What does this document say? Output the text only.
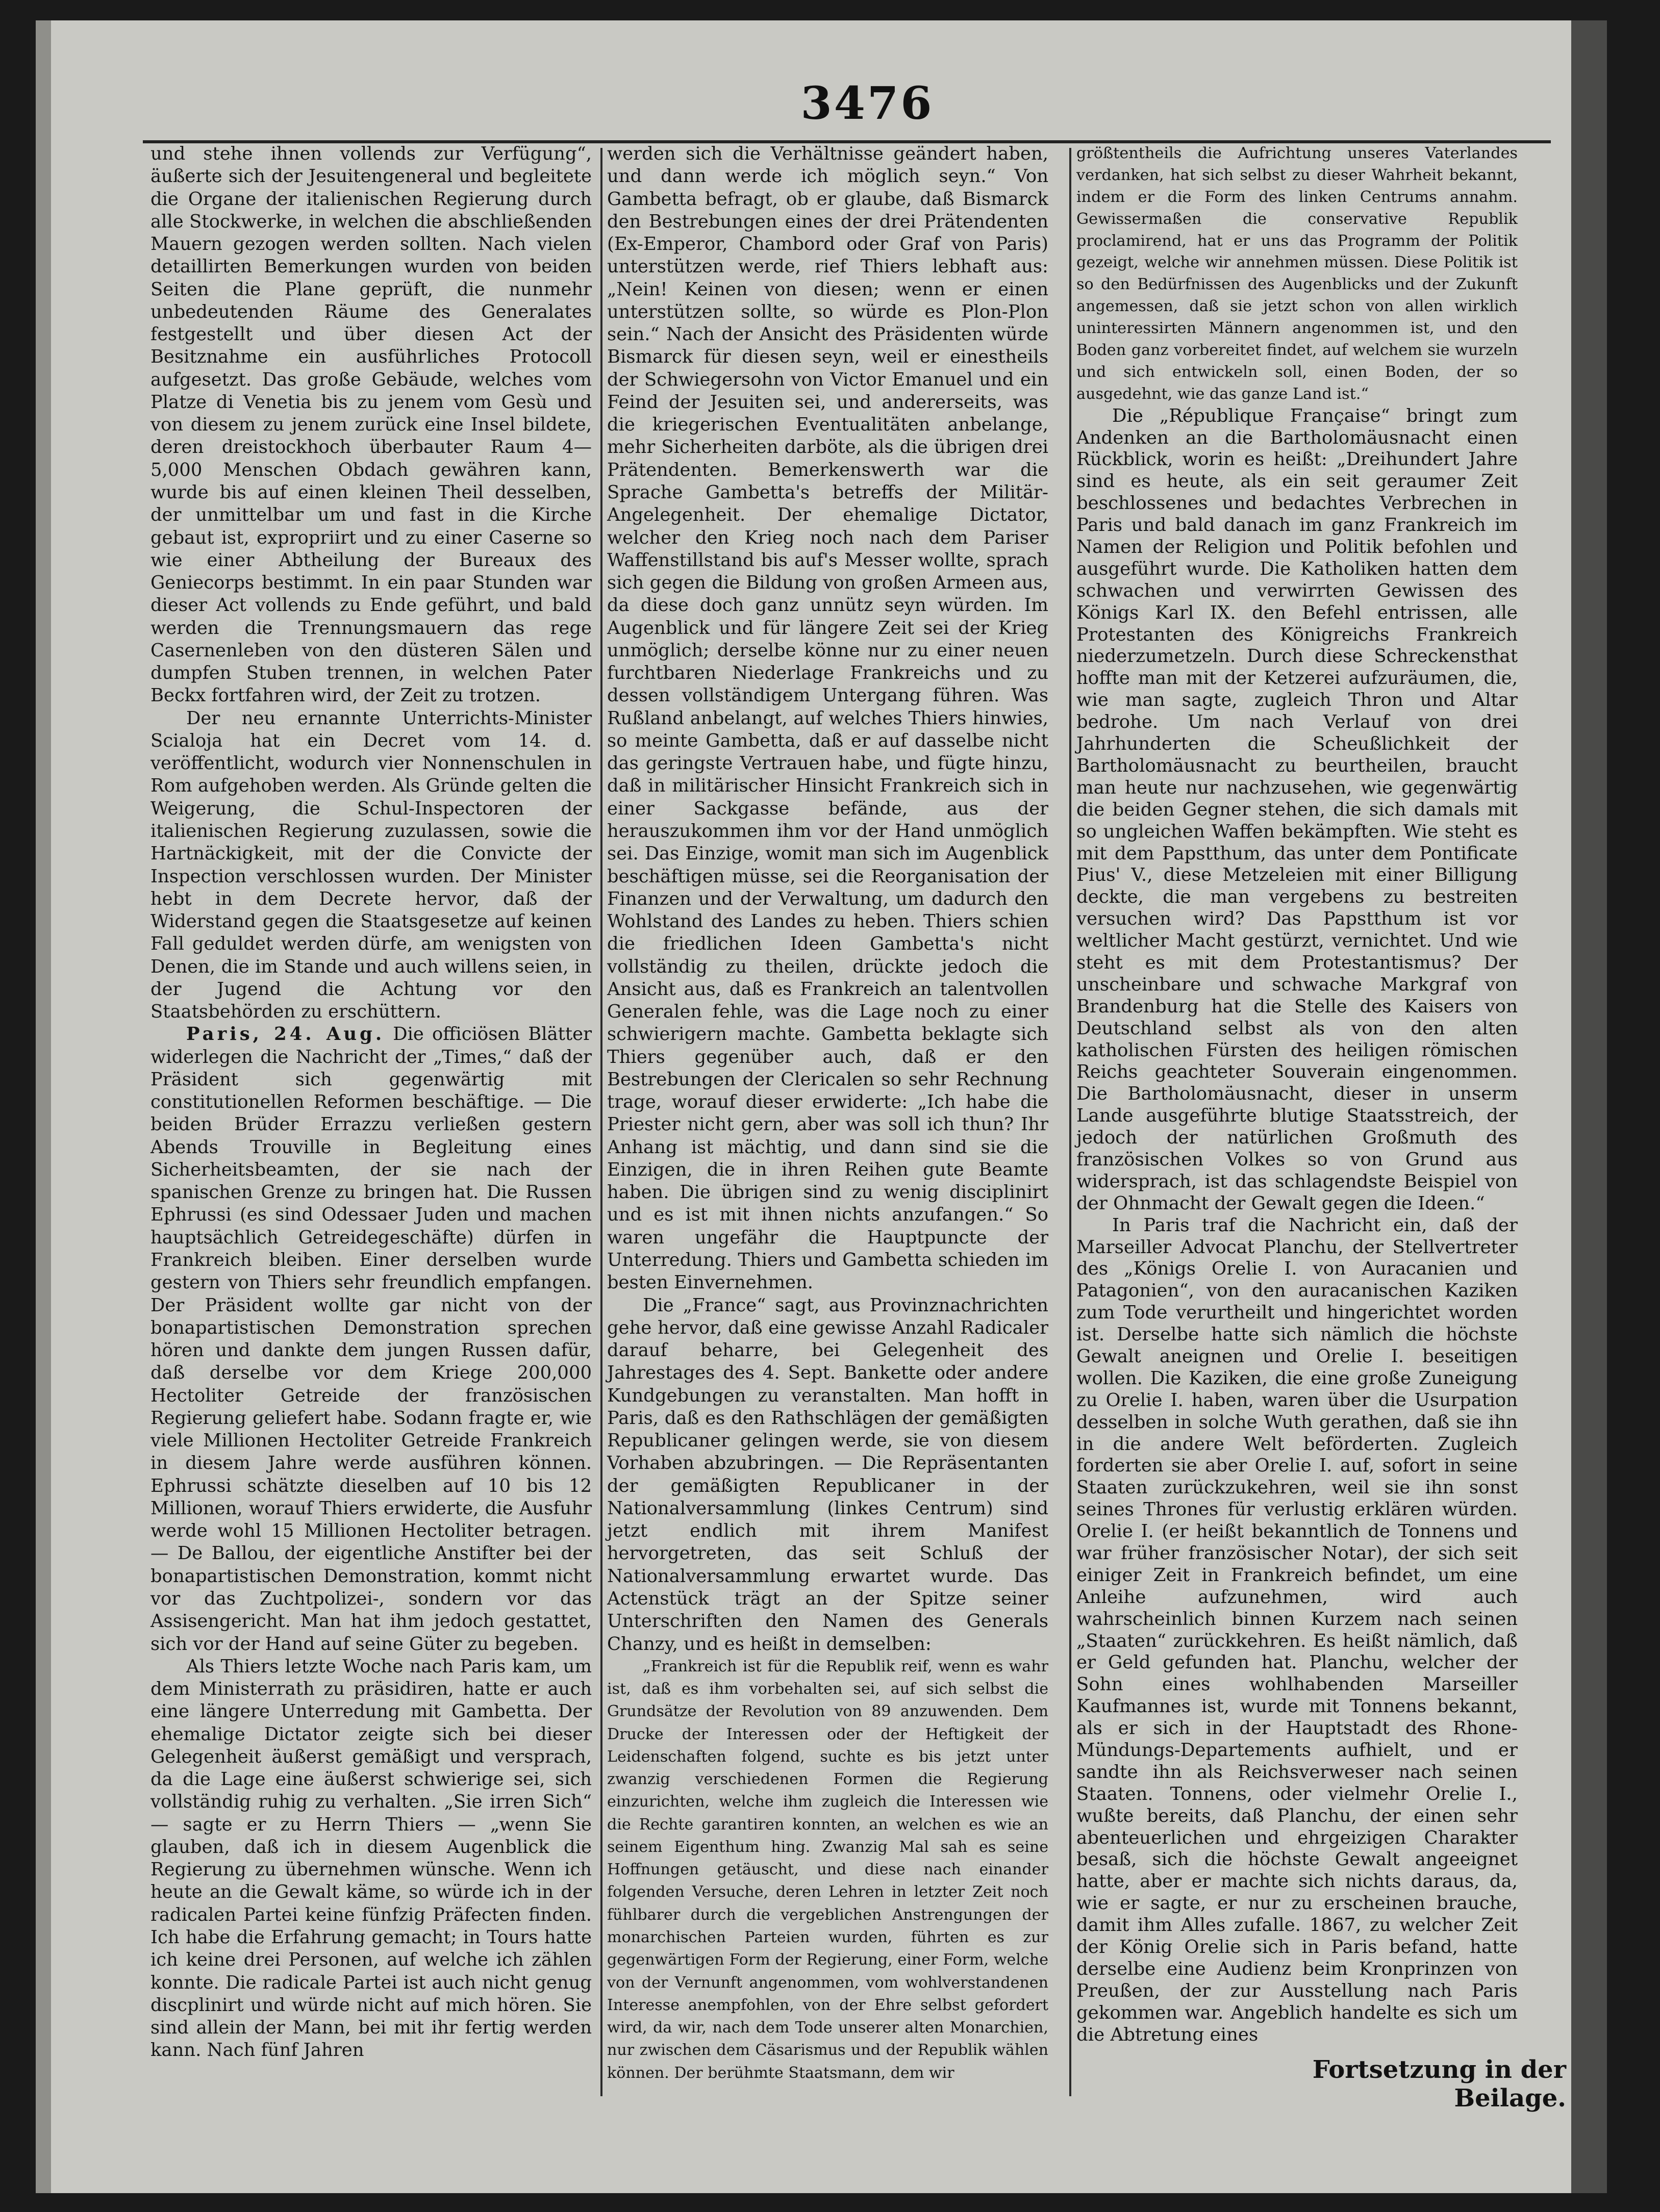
3476

und stehe ihnen vollends zur Verfügung“, äußerte sich der Jesuitengeneral und begleitete die Organe der italienischen Regierung durch alle Stockwerke, in welchen die abschließenden Mauern gezogen werden sollten. Nach vielen detaillirten Bemerkungen wurden von beiden Seiten die Plane geprüft, die nunmehr unbedeutenden Räume des Generalates festgestellt und über diesen Act der Besitznahme ein ausführliches Protocoll aufgesetzt. Das große Gebäude, welches vom Platze di Venetia bis zu jenem vom Gesù und von diesem zu jenem zurück eine Insel bildete, deren dreistockhoch überbauter Raum 4—5,000 Menschen Obdach gewähren kann, wurde bis auf einen kleinen Theil desselben, der unmittelbar um und fast in die Kirche gebaut ist, expropriirt und zu einer Caserne so wie einer Abtheilung der Bureaux des Geniecorps bestimmt. In ein paar Stunden war dieser Act vollends zu Ende geführt, und bald werden die Trennungsmauern das rege Casernenleben von den düsteren Sälen und dumpfen Stuben trennen, in welchen Pater Beckx fortfahren wird, der Zeit zu trotzen.

Der neu ernannte Unterrichts-Minister Scialoja hat ein Decret vom 14. d. veröffentlicht, wodurch vier Nonnenschulen in Rom aufgehoben werden. Als Gründe gelten die Weigerung, die Schul-Inspectoren der italienischen Regierung zuzulassen, sowie die Hartnäckigkeit, mit der die Convicte der Inspection verschlossen wurden. Der Minister hebt in dem Decrete hervor, daß der Widerstand gegen die Staatsgesetze auf keinen Fall geduldet werden dürfe, am wenigsten von Denen, die im Stande und auch willens seien, in der Jugend die Achtung vor den Staatsbehörden zu erschüttern.

Paris, 24. Aug. Die officiösen Blätter widerlegen die Nachricht der „Times,“ daß der Präsident sich gegenwärtig mit constitutionellen Reformen beschäftige. — Die beiden Brüder Errazzu verließen gestern Abends Trouville in Begleitung eines Sicherheitsbeamten, der sie nach der spanischen Grenze zu bringen hat. Die Russen Ephrussi (es sind Odessaer Juden und machen hauptsächlich Getreidegeschäfte) dürfen in Frankreich bleiben. Einer derselben wurde gestern von Thiers sehr freundlich empfangen. Der Präsident wollte gar nicht von der bonapartistischen Demonstration sprechen hören und dankte dem jungen Russen dafür, daß derselbe vor dem Kriege 200,000 Hectoliter Getreide der französischen Regierung geliefert habe. Sodann fragte er, wie viele Millionen Hectoliter Getreide Frankreich in diesem Jahre werde ausführen können. Ephrussi schätzte dieselben auf 10 bis 12 Millionen, worauf Thiers erwiderte, die Ausfuhr werde wohl 15 Millionen Hectoliter betragen. — De Ballou, der eigentliche Anstifter bei der bonapartistischen Demonstration, kommt nicht vor das Zuchtpolizei-, sondern vor das Assisengericht. Man hat ihm jedoch gestattet, sich vor der Hand auf seine Güter zu begeben.

Als Thiers letzte Woche nach Paris kam, um dem Ministerrath zu präsidiren, hatte er auch eine längere Unterredung mit Gambetta. Der ehemalige Dictator zeigte sich bei dieser Gelegenheit äußerst gemäßigt und versprach, da die Lage eine äußerst schwierige sei, sich vollständig ruhig zu verhalten. „Sie irren Sich“ — sagte er zu Herrn Thiers — „wenn Sie glauben, daß ich in diesem Augenblick die Regierung zu übernehmen wünsche. Wenn ich heute an die Gewalt käme, so würde ich in der radicalen Partei keine fünfzig Präfecten finden. Ich habe die Erfahrung gemacht; in Tours hatte ich keine drei Personen, auf welche ich zählen konnte. Die radicale Partei ist auch nicht genug discplinirt und würde nicht auf mich hören. Sie sind allein der Mann, bei mit ihr fertig werden kann. Nach fünf Jahren

werden sich die Verhältnisse geändert haben, und dann werde ich möglich seyn.“ Von Gambetta befragt, ob er glaube, daß Bismarck den Bestrebungen eines der drei Prätendenten (Ex-Emperor, Chambord oder Graf von Paris) unterstützen werde, rief Thiers lebhaft aus: „Nein! Keinen von diesen; wenn er einen unterstützen sollte, so würde es Plon-Plon sein.“ Nach der Ansicht des Präsidenten würde Bismarck für diesen seyn, weil er einestheils der Schwiegersohn von Victor Emanuel und ein Feind der Jesuiten sei, und andererseits, was die kriegerischen Eventualitäten anbelange, mehr Sicherheiten darböte, als die übrigen drei Prätendenten. Bemerkenswerth war die Sprache Gambetta's betreffs der Militär-Angelegenheit. Der ehemalige Dictator, welcher den Krieg noch nach dem Pariser Waffenstillstand bis auf's Messer wollte, sprach sich gegen die Bildung von großen Armeen aus, da diese doch ganz unnütz seyn würden. Im Augenblick und für längere Zeit sei der Krieg unmöglich; derselbe könne nur zu einer neuen furchtbaren Niederlage Frankreichs und zu dessen vollständigem Untergang führen. Was Rußland anbelangt, auf welches Thiers hinwies, so meinte Gambetta, daß er auf dasselbe nicht das geringste Vertrauen habe, und fügte hinzu, daß in militärischer Hinsicht Frankreich sich in einer Sackgasse befände, aus der herauszukommen ihm vor der Hand unmöglich sei. Das Einzige, womit man sich im Augenblick beschäftigen müsse, sei die Reorganisation der Finanzen und der Verwaltung, um dadurch den Wohlstand des Landes zu heben. Thiers schien die friedlichen Ideen Gambetta's nicht vollständig zu theilen, drückte jedoch die Ansicht aus, daß es Frankreich an talentvollen Generalen fehle, was die Lage noch zu einer schwierigern machte. Gambetta beklagte sich Thiers gegenüber auch, daß er den Bestrebungen der Clericalen so sehr Rechnung trage, worauf dieser erwiderte: „Ich habe die Priester nicht gern, aber was soll ich thun? Ihr Anhang ist mächtig, und dann sind sie die Einzigen, die in ihren Reihen gute Beamte haben. Die übrigen sind zu wenig disciplinirt und es ist mit ihnen nichts anzufangen.“ So waren ungefähr die Hauptpuncte der Unterredung. Thiers und Gambetta schieden im besten Einvernehmen.

Die „France“ sagt, aus Provinznachrichten gehe hervor, daß eine gewisse Anzahl Radicaler darauf beharre, bei Gelegenheit des Jahrestages des 4. Sept. Bankette oder andere Kundgebungen zu veranstalten. Man hofft in Paris, daß es den Rathschlägen der gemäßigten Republicaner gelingen werde, sie von diesem Vorhaben abzubringen. — Die Repräsentanten der gemäßigten Republicaner in der Nationalversammlung (linkes Centrum) sind jetzt endlich mit ihrem Manifest hervorgetreten, das seit Schluß der Nationalversammlung erwartet wurde. Das Actenstück trägt an der Spitze seiner Unterschriften den Namen des Generals Chanzy, und es heißt in demselben:

„Frankreich ist für die Republik reif, wenn es wahr ist, daß es ihm vorbehalten sei, auf sich selbst die Grundsätze der Revolution von 89 anzuwenden. Dem Drucke der Interessen oder der Heftigkeit der Leidenschaften folgend, suchte es bis jetzt unter zwanzig verschiedenen Formen die Regierung einzurichten, welche ihm zugleich die Interessen wie die Rechte garantiren konnten, an welchen es wie an seinem Eigenthum hing. Zwanzig Mal sah es seine Hoffnungen getäuscht, und diese nach einander folgenden Versuche, deren Lehren in letzter Zeit noch fühlbarer durch die vergeblichen Anstrengungen der monarchischen Parteien wurden, führten es zur gegenwärtigen Form der Regierung, einer Form, welche von der Vernunft angenommen, vom wohlverstandenen Interesse anempfohlen, von der Ehre selbst gefordert wird, da wir, nach dem Tode unserer alten Monarchien, nur zwischen dem Cäsarismus und der Republik wählen können. Der berühmte Staatsmann, dem wir

größtentheils die Aufrichtung unseres Vaterlandes verdanken, hat sich selbst zu dieser Wahrheit bekannt, indem er die Form des linken Centrums annahm. Gewissermaßen die conservative Republik proclamirend, hat er uns das Programm der Politik gezeigt, welche wir annehmen müssen. Diese Politik ist so den Bedürfnissen des Augenblicks und der Zukunft angemessen, daß sie jetzt schon von allen wirklich uninteressirten Männern angenommen ist, und den Boden ganz vorbereitet findet, auf welchem sie wurzeln und sich entwickeln soll, einen Boden, der so ausgedehnt, wie das ganze Land ist.“

Die „République Française“ bringt zum Andenken an die Bartholomäusnacht einen Rückblick, worin es heißt: „Dreihundert Jahre sind es heute, als ein seit geraumer Zeit beschlossenes und bedachtes Verbrechen in Paris und bald danach im ganz Frankreich im Namen der Religion und Politik befohlen und ausgeführt wurde. Die Katholiken hatten dem schwachen und verwirrten Gewissen des Königs Karl IX. den Befehl entrissen, alle Protestanten des Königreichs Frankreich niederzumetzeln. Durch diese Schreckensthat hoffte man mit der Ketzerei aufzuräumen, die, wie man sagte, zugleich Thron und Altar bedrohe. Um nach Verlauf von drei Jahrhunderten die Scheußlichkeit der Bartholomäusnacht zu beurtheilen, braucht man heute nur nachzusehen, wie gegenwärtig die beiden Gegner stehen, die sich damals mit so ungleichen Waffen bekämpften. Wie steht es mit dem Papstthum, das unter dem Pontificate Pius' V., diese Metzeleien mit einer Billigung deckte, die man vergebens zu bestreiten versuchen wird? Das Papstthum ist vor weltlicher Macht gestürzt, vernichtet. Und wie steht es mit dem Protestantismus? Der unscheinbare und schwache Markgraf von Brandenburg hat die Stelle des Kaisers von Deutschland selbst als von den alten katholischen Fürsten des heiligen römischen Reichs geachteter Souverain eingenommen. Die Bartholomäusnacht, dieser in unserm Lande ausgeführte blutige Staatsstreich, der jedoch der natürlichen Großmuth des französischen Volkes so von Grund aus widersprach, ist das schlagendste Beispiel von der Ohnmacht der Gewalt gegen die Ideen.“

In Paris traf die Nachricht ein, daß der Marseiller Advocat Planchu, der Stellvertreter des „Königs Orelie I. von Auracanien und Patagonien“, von den auracanischen Kaziken zum Tode verurtheilt und hingerichtet worden ist. Derselbe hatte sich nämlich die höchste Gewalt aneignen und Orelie I. beseitigen wollen. Die Kaziken, die eine große Zuneigung zu Orelie I. haben, waren über die Usurpation desselben in solche Wuth gerathen, daß sie ihn in die andere Welt beförderten. Zugleich forderten sie aber Orelie I. auf, sofort in seine Staaten zurückzukehren, weil sie ihn sonst seines Thrones für verlustig erklären würden. Orelie I. (er heißt bekanntlich de Tonnens und war früher französischer Notar), der sich seit einiger Zeit in Frankreich befindet, um eine Anleihe aufzunehmen, wird auch wahrscheinlich binnen Kurzem nach seinen „Staaten“ zurückkehren. Es heißt nämlich, daß er Geld gefunden hat. Planchu, welcher der Sohn eines wohlhabenden Marseiller Kaufmannes ist, wurde mit Tonnens bekannt, als er sich in der Hauptstadt des Rhone-Mündungs-Departements aufhielt, und er sandte ihn als Reichsverweser nach seinen Staaten. Tonnens, oder vielmehr Orelie I., wußte bereits, daß Planchu, der einen sehr abenteuerlichen und ehrgeizigen Charakter besaß, sich die höchste Gewalt angeeignet hatte, aber er machte sich nichts daraus, da, wie er sagte, er nur zu erscheinen brauche, damit ihm Alles zufalle. 1867, zu welcher Zeit der König Orelie sich in Paris befand, hatte derselbe eine Audienz beim Kronprinzen von Preußen, der zur Ausstellung nach Paris gekommen war. Angeblich handelte es sich um die Abtretung eines

Fortsetzung in der Beilage.
